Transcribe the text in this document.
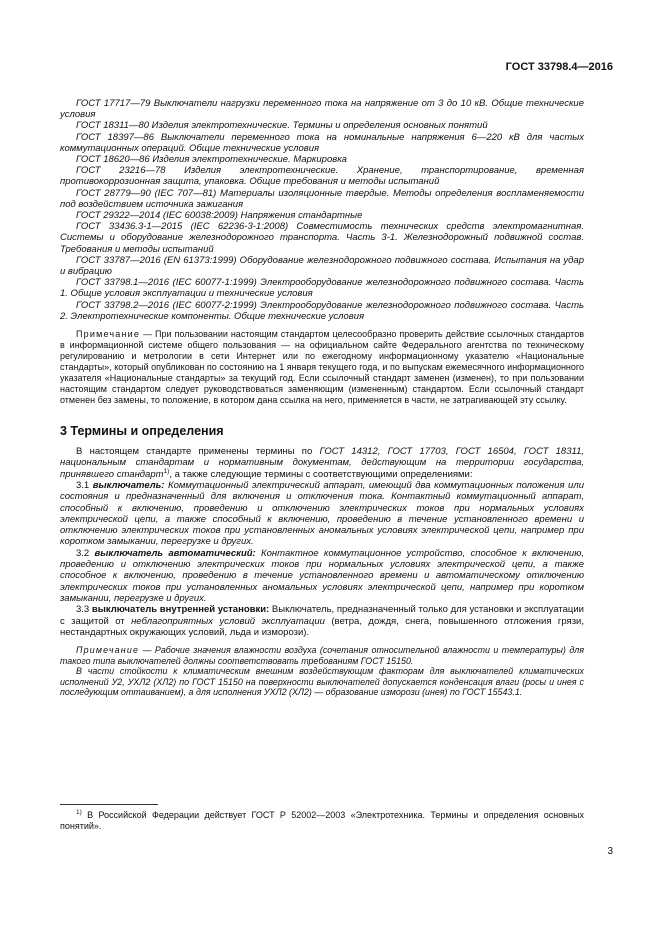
ГОСТ 33798.4—2016

ГОСТ 17717—79 Выключатели нагрузки переменного тока на напряжение от 3 до 10 кВ. Общие технические условия

ГОСТ 18311—80 Изделия электротехнические. Термины и определения основных понятий

ГОСТ 18397—86 Выключатели переменного тока на номинальные напряжения 6—220 кВ для частых коммутационных операций. Общие технические условия

ГОСТ 18620—86 Изделия электротехнические. Маркировка

ГОСТ 23216—78 Изделия электротехнические. Хранение, транспортирование, временная противокоррозионная защита, упаковка. Общие требования и методы испытаний

ГОСТ 28779—90 (IEC 707—81) Материалы изоляционные твердые. Методы определения воспламеняемости под воздействием источника зажигания

ГОСТ 29322—2014 (IEC 60038:2009) Напряжения стандартные

ГОСТ 33436.3-1—2015 (IEC 62236-3-1:2008) Совместимость технических средств электромагнитная. Системы и оборудование железнодорожного транспорта. Часть 3-1. Железнодорожный подвижной состав. Требования и методы испытаний

ГОСТ 33787—2016 (EN 61373:1999) Оборудование железнодорожного подвижного состава. Испытания на удар и вибрацию

ГОСТ 33798.1—2016 (IEC 60077-1:1999) Электрооборудование железнодорожного подвижного состава. Часть 1. Общие условия эксплуатации и технические условия

ГОСТ 33798.2—2016 (IEC 60077-2:1999) Электрооборудование железнодорожного подвижного состава. Часть 2. Электротехнические компоненты. Общие технические условия

Примечание — При пользовании настоящим стандартом целесообразно проверить действие ссылочных стандартов в информационной системе общего пользования — на официальном сайте Федерального агентства по техническому регулированию и метрологии в сети Интернет или по ежегодному информационному указателю «Национальные стандарты», который опубликован по состоянию на 1 января текущего года, и по выпускам ежемесячного информационного указателя «Национальные стандарты» за текущий год. Если ссылочный стандарт заменен (изменен), то при пользовании настоящим стандартом следует руководствоваться заменяющим (измененным) стандартом. Если ссылочный стандарт отменен без замены, то положение, в котором дана ссылка на него, применяется в части, не затрагивающей эту ссылку.
3 Термины и определения

В настоящем стандарте применены термины по ГОСТ 14312, ГОСТ 17703, ГОСТ 16504, ГОСТ 18311, национальным стандартам и нормативным документам, действующим на территории государства, принявшего стандарт$^{1)}$, а также следующие термины с соответствующими определениями:

3.1 выключатель: Коммутационный электрический аппарат, имеющий два коммутационных положения или состояния и предназначенный для включения и отключения тока. Контактный коммутационный аппарат, способный к включению, проведению и отключению электрических токов при нормальных условиях электрической цепи, а также способный к включению, проведению в течение установленного времени и отключению электрических токов при установленных аномальных условиях электрической цепи, например при коротком замыкании, перегрузке и других.

3.2 выключатель автоматический: Контактное коммутационное устройство, способное к включению, проведению и отключению электрических токов при нормальных условиях электрической цепи, а также способное к включению, проведению в течение установленного времени и автоматическому отключению электрических токов при установленных аномальных условиях электрической цепи, например при коротком замыкании, перегрузке и других.

3.3 выключатель внутренней установки: Выключатель, предназначенный только для установки и эксплуатации с защитой от неблагоприятных условий эксплуатации (ветра, дождя, снега, повышенного отложения грязи, нестандартных окружающих условий, льда и изморози).

Примечание — Рабочие значения влажности воздуха (сочетания относительной влажности и температуры) для такого типа выключателей должны соответствовать требованиям ГОСТ 15150.

В части стойкости к климатическим внешним воздействующим факторам для выключателей климатических исполнений У2, УХЛ2 (ХЛ2) по ГОСТ 15150 на поверхности выключателей допускается конденсация влаги (росы и инея с последующим оттаиванием), а для исполнения УХЛ2 (ХЛ2) — образование изморози (инея) по ГОСТ 15543.1.

$^{1)}$ В Российской Федерации действует ГОСТ Р 52002—2003 «Электротехника. Термины и определения основных понятий».
3
